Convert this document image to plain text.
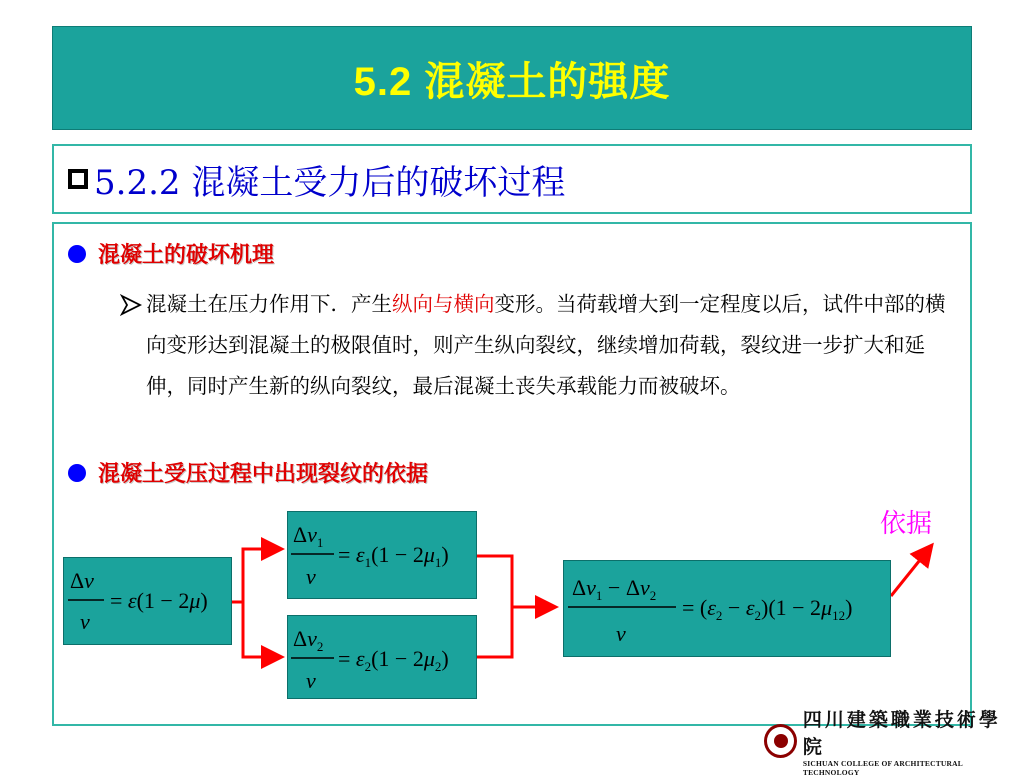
5.2 混凝土的强度
5.2.2 混凝土受力后的破坏过程
混凝土的破坏机理
混凝土在压力作用下．产生纵向与横向变形。当荷载增大到一定程度以后，试件中部的横向变形达到混凝土的极限值时，则产生纵向裂纹，继续增加荷载，裂纹进一步扩大和延伸，同时产生新的纵向裂纹，最后混凝土丧失承载能力而被破坏。
混凝土受压过程中出现裂纹的依据
依据
Δv
v
= ε(1 − 2μ)
$\Delta v_1$
v
= $\varepsilon_1(1 - 2\mu_1)$
$\Delta v_2$
v
= $\varepsilon_2(1 - 2\mu_2)$
$\Delta v_1 - \Delta v_2$
v
= $(\varepsilon_2 - \varepsilon_2)(1 - 2\mu_{12})$
四川建築職業技術學院
SICHUAN COLLEGE OF ARCHITECTURAL TECHNOLOGY
